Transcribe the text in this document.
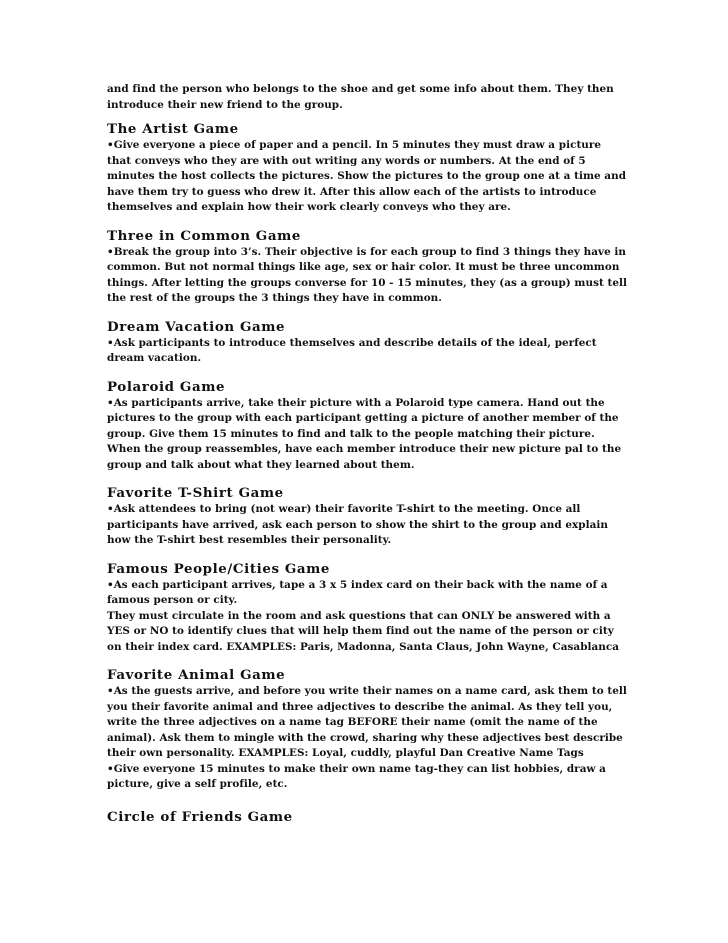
and find the person who belongs to the shoe and get some info about them. They then introduce their new friend to the group.

The Artist Game

•Give everyone a piece of paper and a pencil. In 5 minutes they must draw a picture that conveys who they are with out writing any words or numbers. At the end of 5 minutes the host collects the pictures. Show the pictures to the group one at a time and have them try to guess who drew it. After this allow each of the artists to introduce themselves and explain how their work clearly conveys who they are.

Three in Common Game

•Break the group into 3’s. Their objective is for each group to find 3 things they have in common. But not normal things like age, sex or hair color. It must be three uncommon things. After letting the groups converse for 10 - 15 minutes, they (as a group) must tell the rest of the groups the 3 things they have in common.

Dream Vacation Game

•Ask participants to introduce themselves and describe details of the ideal, perfect dream vacation.

Polaroid Game

•As participants arrive, take their picture with a Polaroid type camera. Hand out the pictures to the group with each participant getting a picture of another member of the group. Give them 15 minutes to find and talk to the people matching their picture. When the group reassembles, have each member introduce their new picture pal to the group and talk about what they learned about them.

Favorite T-Shirt Game

•Ask attendees to bring (not wear) their favorite T-shirt to the meeting. Once all participants have arrived, ask each person to show the shirt to the group and explain how the T-shirt best resembles their personality.

Famous People/Cities Game

•As each participant arrives, tape a 3 x 5 index card on their back with the name of a famous person or city.

They must circulate in the room and ask questions that can ONLY be answered with a YES or NO to identify clues that will help them find out the name of the person or city on their index card. EXAMPLES: Paris, Madonna, Santa Claus, John Wayne, Casablanca

Favorite Animal Game

•As the guests arrive, and before you write their names on a name card, ask them to tell you their favorite animal and three adjectives to describe the animal. As they tell you, write the three adjectives on a name tag BEFORE their name (omit the name of the animal). Ask them to mingle with the crowd, sharing why these adjectives best describe their own personality. EXAMPLES: Loyal, cuddly, playful Dan Creative Name Tags

•Give everyone 15 minutes to make their own name tag-they can list hobbies, draw a picture, give a self profile, etc.

Circle of Friends Game
